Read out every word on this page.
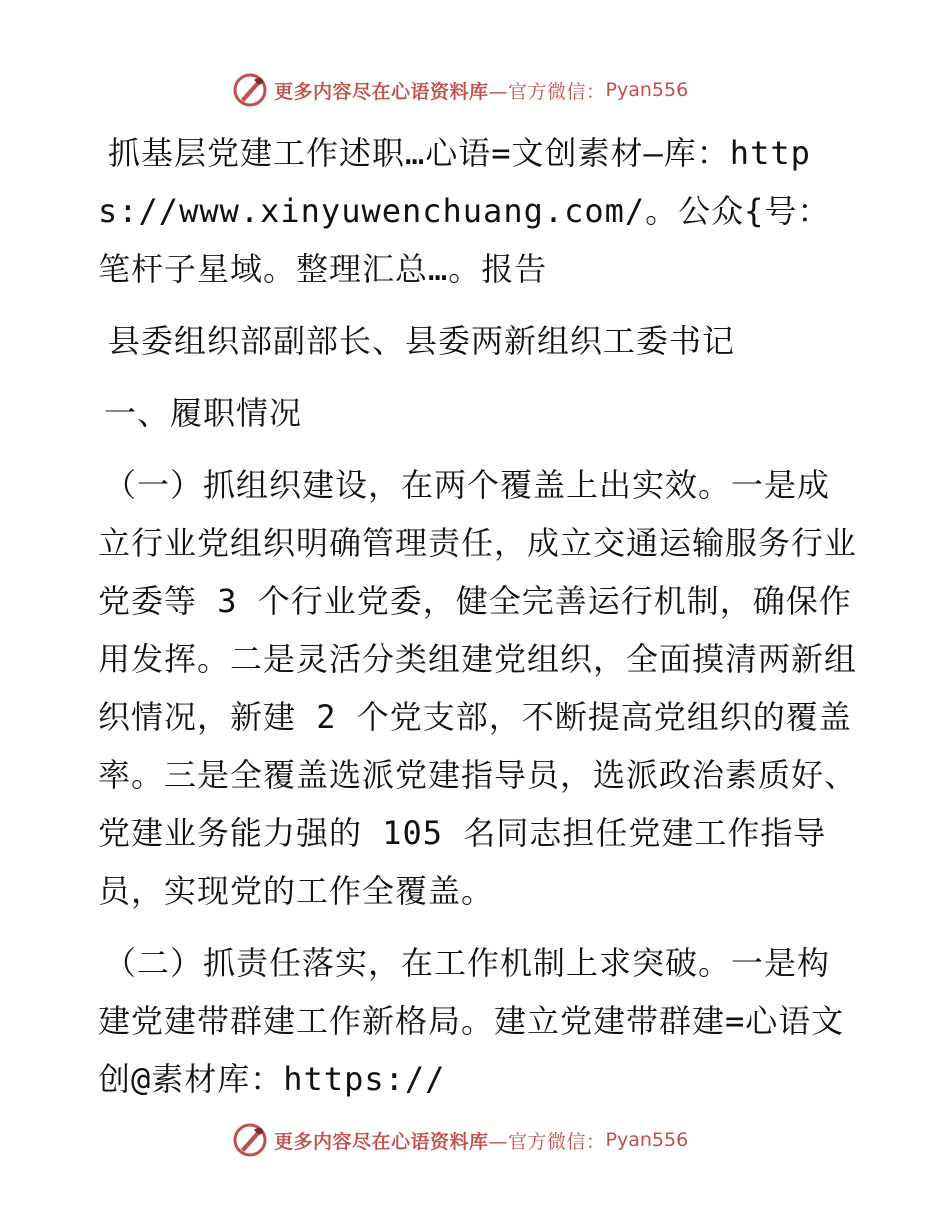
更多内容尽在心语资料库 —官方微信： Pyan556

抓基层党建工作述职…心语=文创素材—库：https://www.xinyuwenchuang.com/。公众{号：笔杆子星域。整理汇总…。报告

县委组织部副部长、县委两新组织工委书记

一、履职情况

（一）抓组织建设，在两个覆盖上出实效。一是成立行业党组织明确管理责任，成立交通运输服务行业党委等 3 个行业党委，健全完善运行机制，确保作用发挥。二是灵活分类组建党组织，全面摸清两新组织情况，新建 2 个党支部，不断提高党组织的覆盖率。三是全覆盖选派党建指导员，选派政治素质好、党建业务能力强的 105 名同志担任党建工作指导员，实现党的工作全覆盖。

（二）抓责任落实，在工作机制上求突破。一是构建党建带群建工作新格局。建立党建带群建=心语文创@素材库：https://

更多内容尽在心语资料库 —官方微信： Pyan556
